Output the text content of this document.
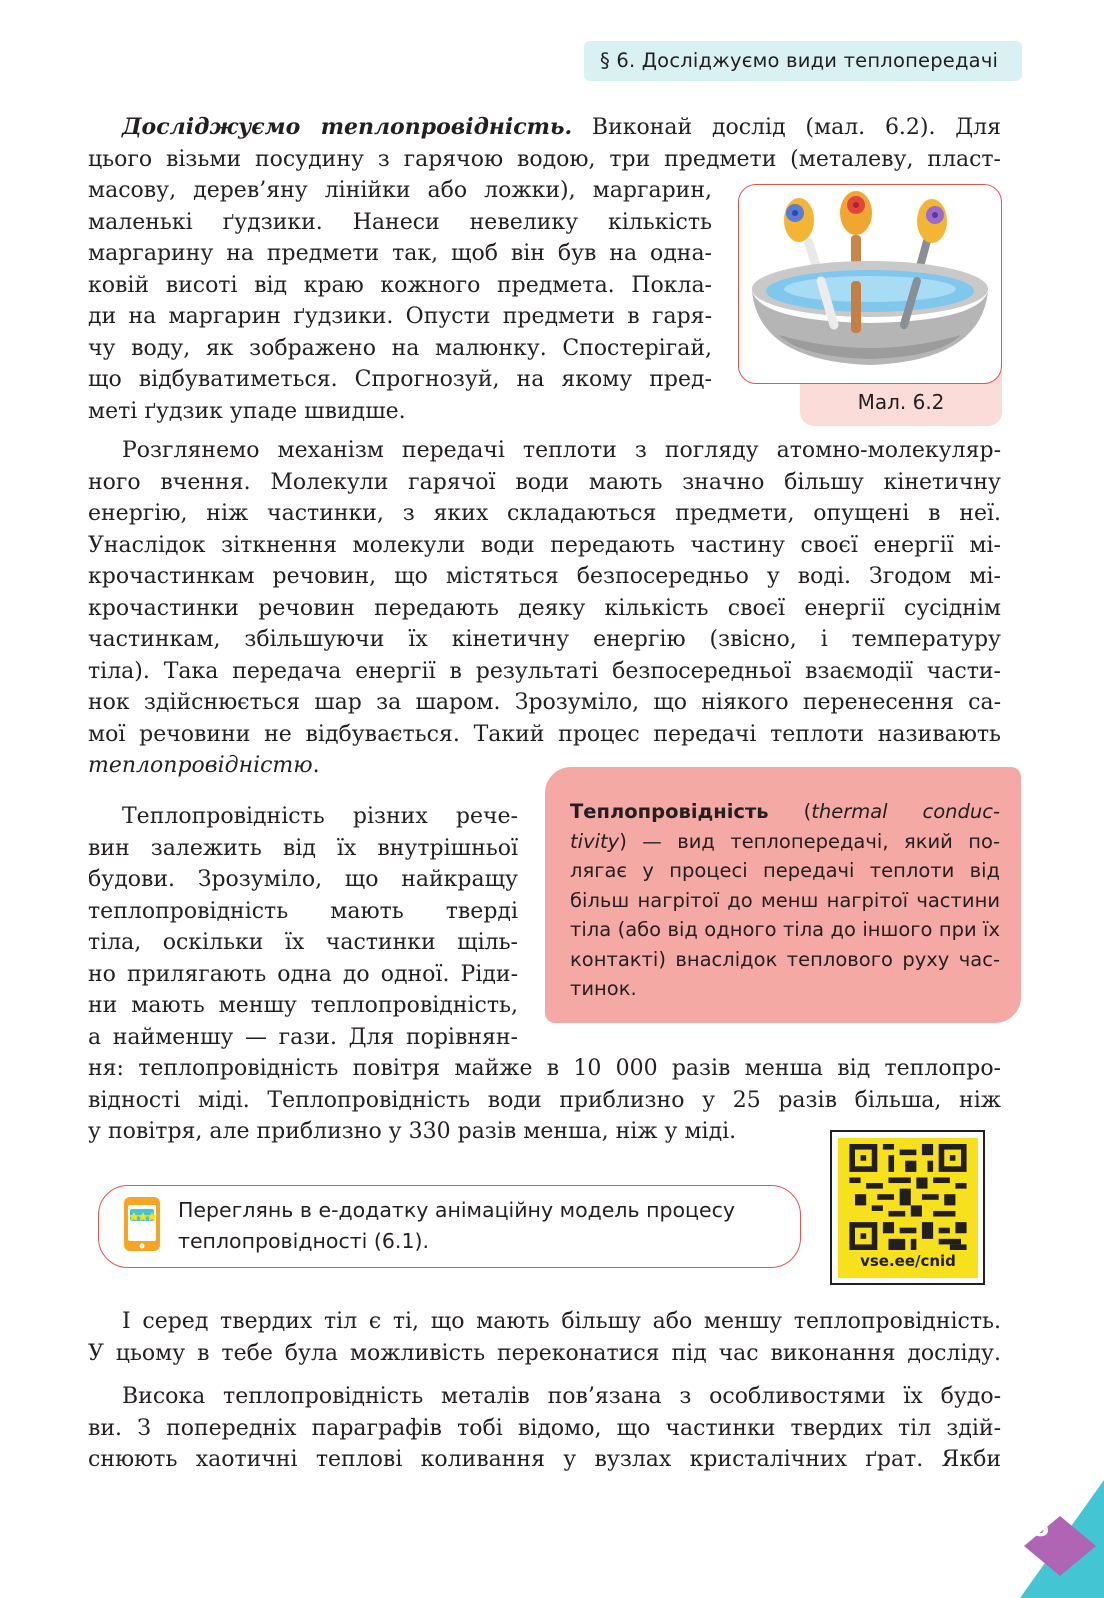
§ 6. Досліджуємо види теплопередачі
Досліджуємо теплопровідність. Виконай дослід (мал. 6.2). Для
цього візьми посудину з гарячою водою, три предмети (металеву, пласт-
масову, дерев’яну лінійки або ложки), маргарин,
маленькі ґудзики. Нанеси невелику кількість
маргарину на предмети так, щоб він був на одна-
ковій висоті від краю кожного предмета. Покла-
ди на маргарин ґудзики. Опусти предмети в гаря-
чу воду, як зображено на малюнку. Спостерігай,
що відбуватиметься. Спрогнозуй, на якому пред-
меті ґудзик упаде швидше.	Мал. 6.2
Розглянемо механізм передачі теплоти з погляду атомно-молекуляр-
ного вчення. Молекули гарячої води мають значно більшу кінетичну
енергію, ніж частинки, з яких складаються предмети, опущені в неї.
Унаслідок зіткнення молекули води передають частину своєї енергії мі-
крочастинкам речовин, що містяться безпосередньо у воді. Згодом мі-
крочастинки речовин передають деяку кількість своєї енергії сусіднім
частинкам, збільшуючи їх кінетичну енергію (звісно, і температуру
тіла). Така передача енергії в результаті безпосередньої взаємодії части-
нок здійснюється шар за шаром. Зрозуміло, що ніякого перенесення са-
мої речовини не відбувається. Такий процес передачі теплоти називають
теплопровідністю.
Теплопровідність (thermal conduc-
tivity) — вид теплопередачі, який по-
лягає у процесі передачі теплоти від
більш нагрітої до менш нагрітої частини
тіла (або від одного тіла до іншого при їх
контакті) внаслідок теплового руху час-
тинок.
Теплопровідність різних рече-
вин залежить від їх внутрішньої
будови. Зрозуміло, що найкращу
теплопровідність мають тверді
тіла, оскільки їх частинки щіль-
но прилягають одна до одної. Ріди-
ни мають меншу теплопровідність,
а найменшу — гази. Для порівнян-
ня: теплопровідність повітря майже в 10 000 разів менша від теплопро-
відності міді. Теплопровідність води приблизно у 25 разів більша, ніж
у повітря, але приблизно у 330 разів менша, ніж у міді.
Переглянь в е-додатку анімаційну модель процесу
теплопровідності (6.1).
vse.ee/cnid
І серед твердих тіл є ті, що мають більшу або меншу теплопровідність.
У цьому в тебе була можливість переконатися під час виконання досліду.
Висока теплопровідність металів пов’язана з особливостями їх будо-
ви. З попередніх параграфів тобі відомо, що частинки твердих тіл здій-
снюють хаотичні теплові коливання у вузлах кристалічних ґрат. Якби
45
